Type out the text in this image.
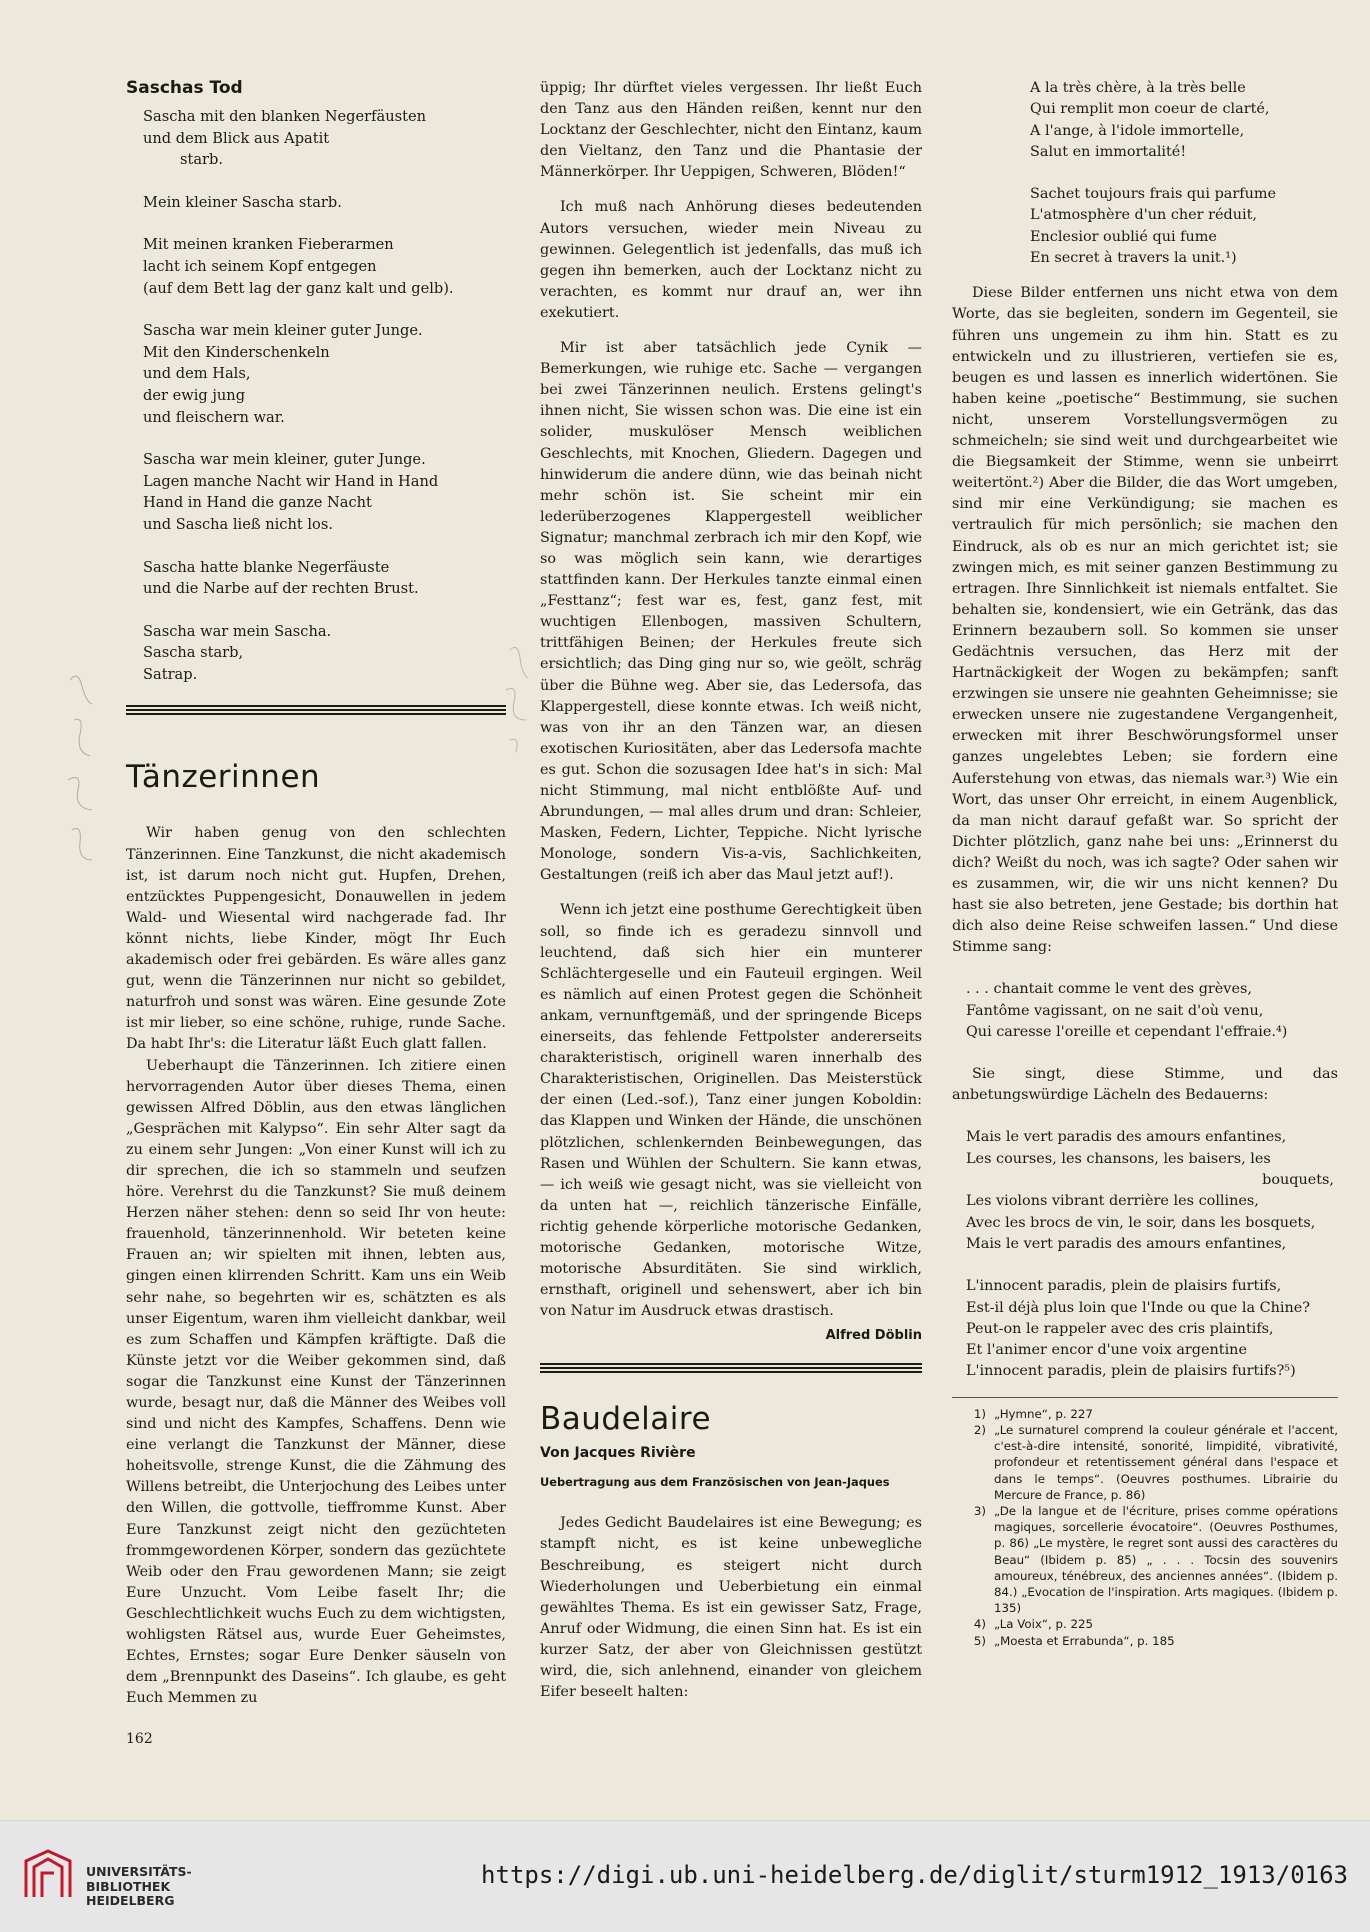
Saschas Tod
Sascha mit den blanken Negerfäusten
und dem Blick aus Apatit
starb.
Mein kleiner Sascha starb.
Mit meinen kranken Fieberarmen
lacht ich seinem Kopf entgegen
(auf dem Bett lag der ganz kalt und gelb).
Sascha war mein kleiner guter Junge.
Mit den Kinderschenkeln
und dem Hals,
der ewig jung
und fleischern war.
Sascha war mein kleiner, guter Junge.
Lagen manche Nacht wir Hand in Hand
Hand in Hand die ganze Nacht
und Sascha ließ nicht los.
Sascha hatte blanke Negerfäuste
und die Narbe auf der rechten Brust.
Sascha war mein Sascha.
Sascha starb,
Satrap.
Tänzerinnen

Wir haben genug von den schlechten Tänzerinnen. Eine Tanzkunst, die nicht akademisch ist, ist darum noch nicht gut. Hupfen, Drehen, entzücktes Puppengesicht, Donauwellen in jedem Wald- und Wiesental wird nachgerade fad. Ihr könnt nichts, liebe Kinder, mögt Ihr Euch akademisch oder frei gebärden. Es wäre alles ganz gut, wenn die Tänzerinnen nur nicht so gebildet, naturfroh und sonst was wären. Eine gesunde Zote ist mir lieber, so eine schöne, ruhige, runde Sache. Da habt Ihr's: die Literatur läßt Euch glatt fallen.

Ueberhaupt die Tänzerinnen. Ich zitiere einen hervorragenden Autor über dieses Thema, einen gewissen Alfred Döblin, aus den etwas länglichen „Gesprächen mit Kalypso“. Ein sehr Alter sagt da zu einem sehr Jungen: „Von einer Kunst will ich zu dir sprechen, die ich so stammeln und seufzen höre. Verehrst du die Tanzkunst? Sie muß deinem Herzen näher stehen: denn so seid Ihr von heute: frauenhold, tänzerinnenhold. Wir beteten keine Frauen an; wir spielten mit ihnen, lebten aus, gingen einen klirrenden Schritt. Kam uns ein Weib sehr nahe, so begehrten wir es, schätzten es als unser Eigentum, waren ihm vielleicht dankbar, weil es zum Schaffen und Kämpfen kräftigte. Daß die Künste jetzt vor die Weiber gekommen sind, daß sogar die Tanzkunst eine Kunst der Tänzerinnen wurde, besagt nur, daß die Männer des Weibes voll sind und nicht des Kampfes, Schaffens. Denn wie eine verlangt die Tanzkunst der Männer, diese hoheitsvolle, strenge Kunst, die die Zähmung des Willens betreibt, die Unterjochung des Leibes unter den Willen, die gottvolle, tieffromme Kunst. Aber Eure Tanzkunst zeigt nicht den gezüchteten frommgewordenen Körper, sondern das gezüchtete Weib oder den Frau gewordenen Mann; sie zeigt Eure Unzucht. Vom Leibe faselt Ihr; die Geschlechtlichkeit wuchs Euch zu dem wichtigsten, wohligsten Rätsel aus, wurde Euer Geheimstes, Echtes, Ernstes; sogar Eure Denker säuseln von dem „Brennpunkt des Daseins“. Ich glaube, es geht Euch Memmen zu

üppig; Ihr dürftet vieles vergessen. Ihr ließt Euch den Tanz aus den Händen reißen, kennt nur den Locktanz der Geschlechter, nicht den Eintanz, kaum den Vieltanz, den Tanz und die Phantasie der Männerkörper. Ihr Ueppigen, Schweren, Blöden!“

Ich muß nach Anhörung dieses bedeutenden Autors versuchen, wieder mein Niveau zu gewinnen. Gelegentlich ist jedenfalls, das muß ich gegen ihn bemerken, auch der Locktanz nicht zu verachten, es kommt nur drauf an, wer ihn exekutiert.

Mir ist aber tatsächlich jede Cynik — Bemerkungen, wie ruhige etc. Sache — vergangen bei zwei Tänzerinnen neulich. Erstens gelingt's ihnen nicht, Sie wissen schon was. Die eine ist ein solider, muskulöser Mensch weiblichen Geschlechts, mit Knochen, Gliedern. Dagegen und hinwiderum die andere dünn, wie das beinah nicht mehr schön ist. Sie scheint mir ein lederüberzogenes Klappergestell weiblicher Signatur; manchmal zerbrach ich mir den Kopf, wie so was möglich sein kann, wie derartiges stattfinden kann. Der Herkules tanzte einmal einen „Festtanz“; fest war es, fest, ganz fest, mit wuchtigen Ellenbogen, massiven Schultern, trittfähigen Beinen; der Herkules freute sich ersichtlich; das Ding ging nur so, wie geölt, schräg über die Bühne weg. Aber sie, das Ledersofa, das Klappergestell, diese konnte etwas. Ich weiß nicht, was von ihr an den Tänzen war, an diesen exotischen Kuriositäten, aber das Ledersofa machte es gut. Schon die sozusagen Idee hat's in sich: Mal nicht Stimmung, mal nicht entblößte Auf- und Abrundungen, — mal alles drum und dran: Schleier, Masken, Federn, Lichter, Teppiche. Nicht lyrische Monologe, sondern Vis-a-vis, Sachlichkeiten, Gestaltungen (reiß ich aber das Maul jetzt auf!).

Wenn ich jetzt eine posthume Gerechtigkeit üben soll, so finde ich es geradezu sinnvoll und leuchtend, daß sich hier ein munterer Schlächtergeselle und ein Fauteuil ergingen. Weil es nämlich auf einen Protest gegen die Schönheit ankam, vernunftgemäß, und der springende Biceps einerseits, das fehlende Fettpolster andererseits charakteristisch, originell waren innerhalb des Charakteristischen, Originellen. Das Meisterstück der einen (Led.-sof.), Tanz einer jungen Koboldin: das Klappen und Winken der Hände, die unschönen plötzlichen, schlenkernden Beinbewegungen, das Rasen und Wühlen der Schultern. Sie kann etwas, — ich weiß wie gesagt nicht, was sie vielleicht von da unten hat —, reichlich tänzerische Einfälle, richtig gehende körperliche motorische Gedanken, motorische Gedanken, motorische Witze, motorische Absurditäten. Sie sind wirklich, ernsthaft, originell und sehenswert, aber ich bin von Natur im Ausdruck etwas drastisch.

Alfred Döblin
Baudelaire
Von Jacques Rivière
Uebertragung aus dem Französischen von Jean-Jaques

Jedes Gedicht Baudelaires ist eine Bewegung; es stampft nicht, es ist keine unbewegliche Beschreibung, es steigert nicht durch Wiederholungen und Ueberbietung ein einmal gewähltes Thema. Es ist ein gewisser Satz, Frage, Anruf oder Widmung, die einen Sinn hat. Es ist ein kurzer Satz, der aber von Gleichnissen gestützt wird, die, sich anlehnend, einander von gleichem Eifer beseelt halten:

A la très chère, à la très belle
Qui remplit mon coeur de clarté,
A l'ange, à l'idole immortelle,
Salut en immortalité!
Sachet toujours frais qui parfume
L'atmosphère d'un cher réduit,
Enclesior oublié qui fume
En secret à travers la unit.¹)

Diese Bilder entfernen uns nicht etwa von dem Worte, das sie begleiten, sondern im Gegenteil, sie führen uns ungemein zu ihm hin. Statt es zu entwickeln und zu illustrieren, vertiefen sie es, beugen es und lassen es innerlich widertönen. Sie haben keine „poetische“ Bestimmung, sie suchen nicht, unserem Vorstellungsvermögen zu schmeicheln; sie sind weit und durchgearbeitet wie die Biegsamkeit der Stimme, wenn sie unbeirrt weitertönt.²) Aber die Bilder, die das Wort umgeben, sind mir eine Verkündigung; sie machen es vertraulich für mich persönlich; sie machen den Eindruck, als ob es nur an mich gerichtet ist; sie zwingen mich, es mit seiner ganzen Bestimmung zu ertragen. Ihre Sinnlichkeit ist niemals entfaltet. Sie behalten sie, kondensiert, wie ein Getränk, das das Erinnern bezaubern soll. So kommen sie unser Gedächtnis versuchen, das Herz mit der Hartnäckigkeit der Wogen zu bekämpfen; sanft erzwingen sie unsere nie geahnten Geheimnisse; sie erwecken unsere nie zugestandene Vergangenheit, erwecken mit ihrer Beschwörungsformel unser ganzes ungelebtes Leben; sie fordern eine Auferstehung von etwas, das niemals war.³) Wie ein Wort, das unser Ohr erreicht, in einem Augenblick, da man nicht darauf gefaßt war. So spricht der Dichter plötzlich, ganz nahe bei uns: „Erinnerst du dich? Weißt du noch, was ich sagte? Oder sahen wir es zusammen, wir, die wir uns nicht kennen? Du hast sie also betreten, jene Gestade; bis dorthin hat dich also deine Reise schweifen lassen.“ Und diese Stimme sang:

. . . chantait comme le vent des grèves,
Fantôme vagissant, on ne sait d'où venu,
Qui caresse l'oreille et cependant l'effraie.⁴)

Sie singt, diese Stimme, und das anbetungswürdige Lächeln des Bedauerns:

Mais le vert paradis des amours enfantines,
Les courses, les chansons, les baisers, les
bouquets,
Les violons vibrant derrière les collines,
Avec les brocs de vin, le soir, dans les bosquets,
Mais le vert paradis des amours enfantines,
L'innocent paradis, plein de plaisirs furtifs,
Est-il déjà plus loin que l'Inde ou que la Chine?
Peut-on le rappeler avec des cris plaintifs,
Et l'animer encor d'une voix argentine
L'innocent paradis, plein de plaisirs furtifs?⁵)
1) „Hymne“, p. 227
2) „Le surnaturel comprend la couleur générale et l'accent, c'est-à-dire intensité, sonorité, limpidité, vibrativité, profondeur et retentissement général dans l'espace et dans le temps“. (Oeuvres posthumes. Librairie du Mercure de France, p. 86)
3) „De la langue et de l'écriture, prises comme opérations magiques, sorcellerie évocatoire“. (Oeuvres Posthumes, p. 86) „Le mystère, le regret sont aussi des caractères du Beau“ (Ibidem p. 85) „ . . . Tocsin des souvenirs amoureux, ténébreux, des anciennes années“. (Ibidem p. 84.) „Evocation de l'inspiration. Arts magiques. (Ibidem p. 135)
4) „La Voix“, p. 225
5) „Moesta et Errabunda“, p. 185
162
UNIVERSITÄTS-
BIBLIOTHEK
HEIDELBERG
https://digi.ub.uni-heidelberg.de/diglit/sturm1912_1913/0163
